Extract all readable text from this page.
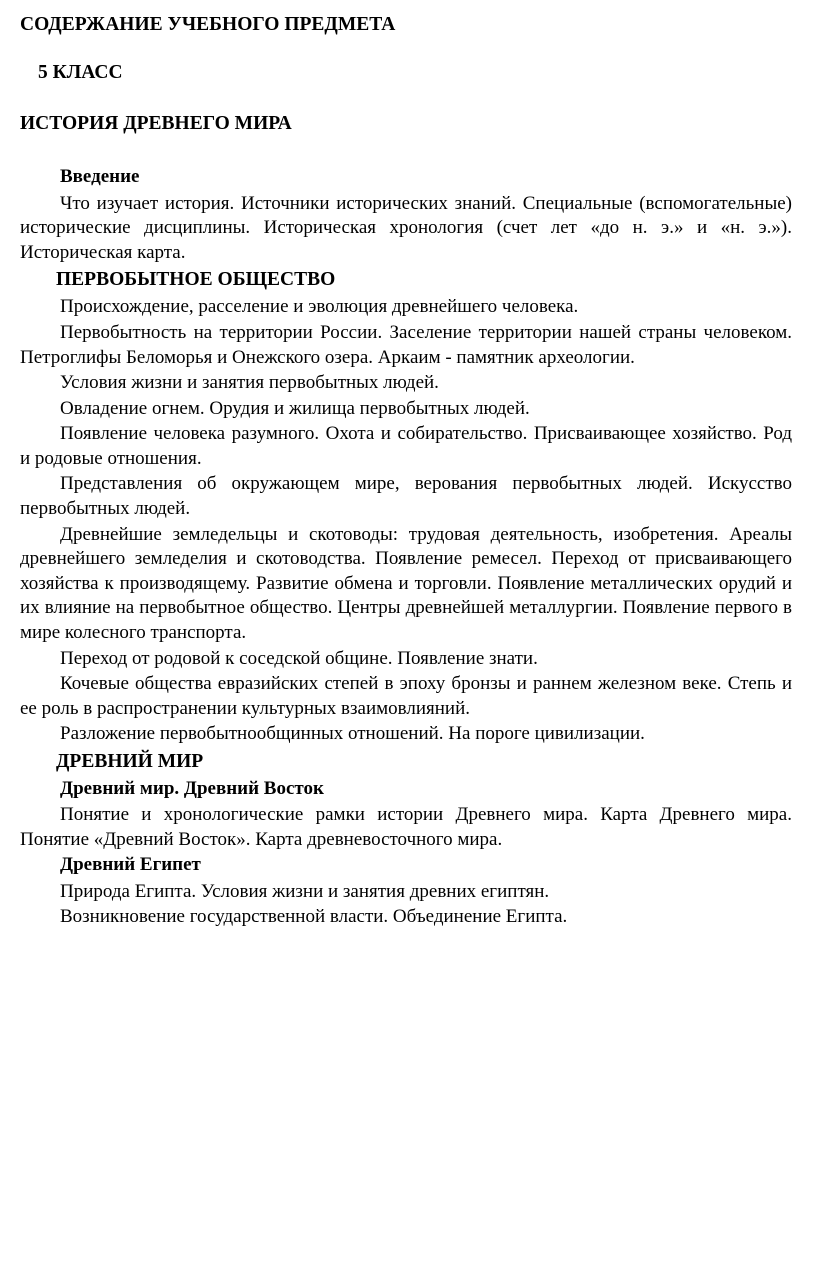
СОДЕРЖАНИЕ УЧЕБНОГО ПРЕДМЕТА
5 КЛАСС
ИСТОРИЯ ДРЕВНЕГО МИРА
Введение

Что изучает история. Источники исторических знаний. Специальные (вспомогательные) исторические дисциплины. Историческая хронология (счет лет «до н. э.» и «н. э.»). Историческая карта.

ПЕРВОБЫТНОЕ ОБЩЕСТВО

Происхождение, расселение и эволюция древнейшего человека.

Первобытность на территории России. Заселение территории нашей страны человеком. Петроглифы Беломорья и Онежского озера. Аркаим - памятник археологии.

Условия жизни и занятия первобытных людей.

Овладение огнем. Орудия и жилища первобытных людей.

Появление человека разумного. Охота и собирательство. Присваивающее хозяйство. Род и родовые отношения.

Представления об окружающем мире, верования первобытных людей. Искусство первобытных людей.

Древнейшие земледельцы и скотоводы: трудовая деятельность, изобретения. Ареалы древнейшего земледелия и скотоводства. Появление ремесел. Переход от присваивающего хозяйства к производящему. Развитие обмена и торговли. Появление металлических орудий и их влияние на первобытное общество. Центры древнейшей металлургии. Появление первого в мире колесного транспорта.

Переход от родовой к соседской общине. Появление знати.

Кочевые общества евразийских степей в эпоху бронзы и раннем железном веке. Степь и ее роль в распространении культурных взаимовлияний.

Разложение первобытнообщинных отношений. На пороге цивилизации.

ДРЕВНИЙ МИР
Древний мир. Древний Восток

Понятие и хронологические рамки истории Древнего мира. Карта Древнего мира. Понятие «Древний Восток». Карта древневосточного мира.

Древний Египет

Природа Египта. Условия жизни и занятия древних египтян.

Возникновение государственной власти. Объединение Египта.
